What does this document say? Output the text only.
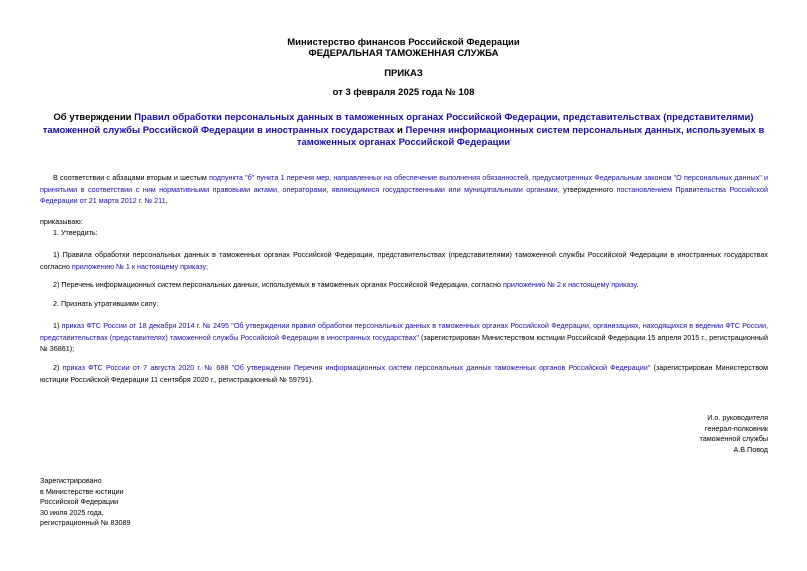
Министерство финансов Российской Федерации
ФЕДЕРАЛЬНАЯ ТАМОЖЕННАЯ СЛУЖБА
ПРИКАЗ
от 3 февраля 2025 года № 108
Об утверждении Правил обработки персональных данных в таможенных органах Российской Федерации, представительствах (представителями) таможенной службы Российской Федерации в иностранных государствах и Перечня информационных систем персональных данных, используемых в таможенных органах Российской Федерации

В соответствии с абзацами вторым и шестым подпункта "б" пункта 1 перечня мер, направленных на обеспечение выполнения обязанностей, предусмотренных Федеральным законом "О персональных данных" и принятыми в соответствии с ним нормативными правовыми актами, операторами, являющимися государственными или муниципальными органами, утвержденного постановлением Правительства Российской Федерации от 21 марта 2012 г. № 211,

приказываю:

1. Утвердить:

1) Правила обработки персональных данных в таможенных органах Российской Федерации, представительствах (представителями) таможенной службы Российской Федерации в иностранных государствах согласно приложению № 1 к настоящему приказу;

2) Перечень информационных систем персональных данных, используемых в таможенных органах Российской Федерации, согласно приложению № 2 к настоящему приказу.

2. Признать утратившими силу:

1) приказ ФТС России от 18 декабря 2014 г. № 2495 "Об утверждении правил обработки персональных данных в таможенных органах Российской Федерации, организациях, находящихся в ведении ФТС России, представительствах (представителях) таможенной службы Российской Федерации в иностранных государствах" (зарегистрирован Министерством юстиции Российской Федерации 15 апреля 2015 г., регистрационный № 36861);

2) приказ ФТС России от 7 августа 2020 г. № 688 "Об утверждении Перечня информационных систем персональных данных таможенных органов Российской Федерации" (зарегистрирован Министерством юстиции Российской Федерации 11 сентября 2020 г., регистрационный № 59791).

И.о. руководителя
генерал-полковник
таможенной службы
А.В.Повод
Зарегистрировано
в Министерстве юстиции
Российской Федерации
30 июля 2025 года,
регистрационный № 83089
